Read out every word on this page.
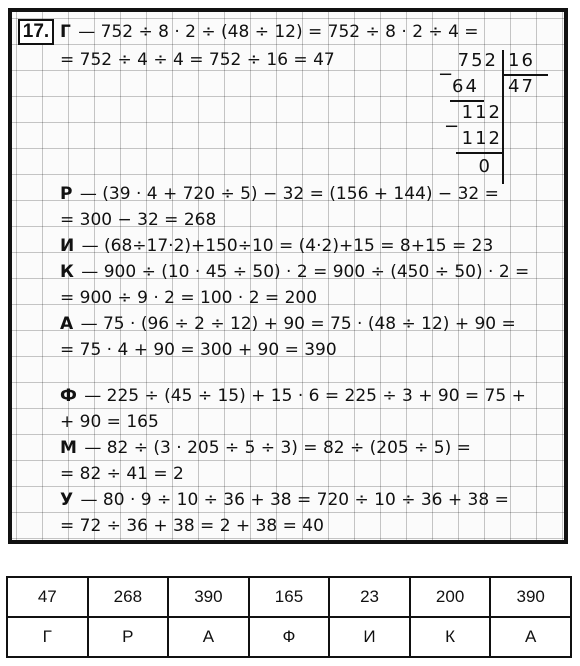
17. Г — 752 ÷ 8 · 2 ÷ (48 ÷ 12) = 752 ÷ 8 · 2 ÷ 4 =
= 752 ÷ 4 ÷ 4 = 752 ÷ 16 = 47	752 16
47
−
64
112
−
112
0
Р — (39 · 4 + 720 ÷ 5) − 32 = (156 + 144) − 32 =
= 300 − 32 = 268
И — (68÷17·2)+150÷10 = (4·2)+15 = 8+15 = 23
К — 900 ÷ (10 · 45 ÷ 50) · 2 = 900 ÷ (450 ÷ 50) · 2 =
= 900 ÷ 9 · 2 = 100 · 2 = 200
А — 75 · (96 ÷ 2 ÷ 12) + 90 = 75 · (48 ÷ 12) + 90 =
= 75 · 4 + 90 = 300 + 90 = 390
Ф — 225 ÷ (45 ÷ 15) + 15 · 6 = 225 ÷ 3 + 90 = 75 +
+ 90 = 165
М — 82 ÷ (3 · 205 ÷ 5 ÷ 3) = 82 ÷ (205 ÷ 5) =
= 82 ÷ 41 = 2
У — 80 · 9 ÷ 10 ÷ 36 + 38 = 720 ÷ 10 ÷ 36 + 38 =
= 72 ÷ 36 + 38 = 2 + 38 = 40
47	268	390	165	23	200	390
Г	Р	А	Ф	И	К	А
